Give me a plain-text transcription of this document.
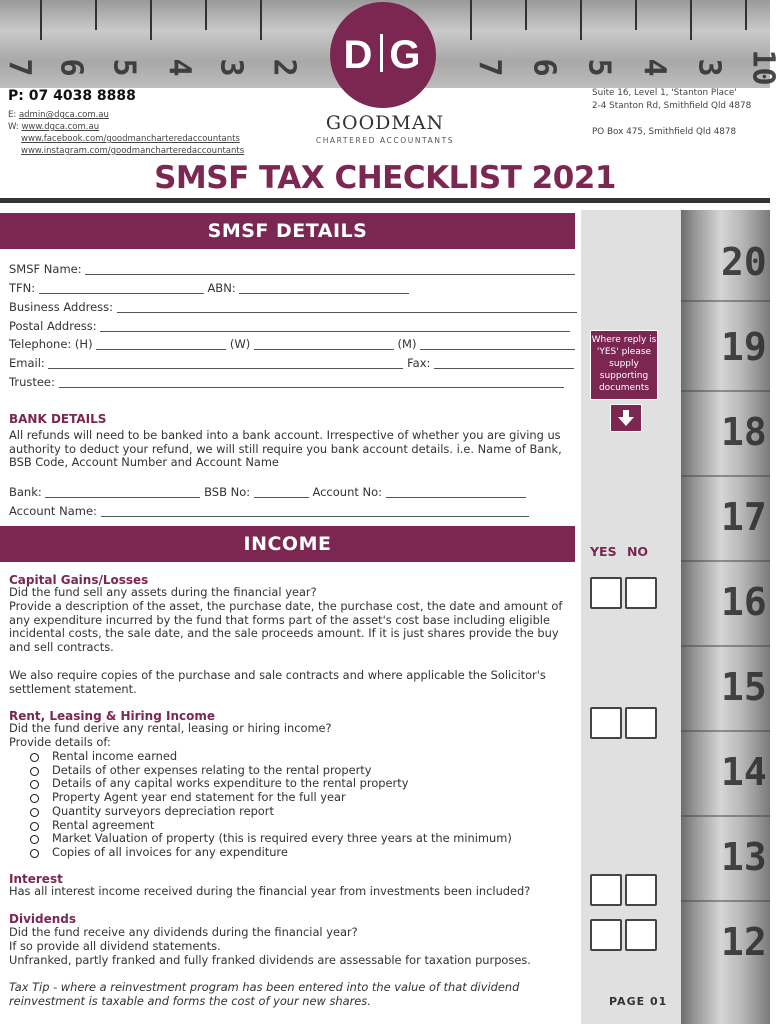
7 6 5 4 3 2	7 6 5 4 3 10
D G
GOODMAN
CHARTERED ACCOUNTANTS
P: 07 4038 8888
E: admin@dgca.com.au
W: www.dgca.com.au
www.facebook.com/goodmancharteredaccountants
www.instagram.com/goodmancharteredaccountants
Suite 16, Level 1, 'Stanton Place'
2-4 Stanton Rd, Smithfield Qld 4878
PO Box 475, Smithfield Qld 4878
SMSF TAX CHECKLIST 2021
20
19
18
17
16
15
14
13
12
SMSF DETAILS
SMSF Name:
TFN:	ABN:
Business Address:
Postal Address:
Telephone: (H)	(W)	(M)
Email:	Fax:
Trustee:
BANK DETAILS
All refunds will need to be banked into a bank account. Irrespective of whether you are giving us authority to deduct your refund, we will still require you bank account details. i.e. Name of Bank, BSB Code, Account Number and Account Name
Bank:	BSB No:	Account No:
Account Name:
Where reply is 'YES' please supply supporting documents
YES NO
INCOME
Capital Gains/Losses
Did the fund sell any assets during the financial year?
Provide a description of the asset, the purchase date, the purchase cost, the date and amount of any expenditure incurred by the fund that forms part of the asset's cost base including eligible incidental costs, the sale date, and the sale proceeds amount. If it is just shares provide the buy and sell contracts.
We also require copies of the purchase and sale contracts and where applicable the Solicitor's settlement statement.
Rent, Leasing & Hiring Income
Did the fund derive any rental, leasing or hiring income?
Provide details of:
Rental income earned
Details of other expenses relating to the rental property
Details of any capital works expenditure to the rental property
Property Agent year end statement for the full year
Quantity surveyors depreciation report
Rental agreement
Market Valuation of property (this is required every three years at the minimum)
Copies of all invoices for any expenditure
Interest
Has all interest income received during the financial year from investments been included?
Dividends
Did the fund receive any dividends during the financial year?
If so provide all dividend statements.
Unfranked, partly franked and fully franked dividends are assessable for taxation purposes.
Tax Tip - where a reinvestment program has been entered into the value of that dividend reinvestment is taxable and forms the cost of your new shares.	PAGE 01
